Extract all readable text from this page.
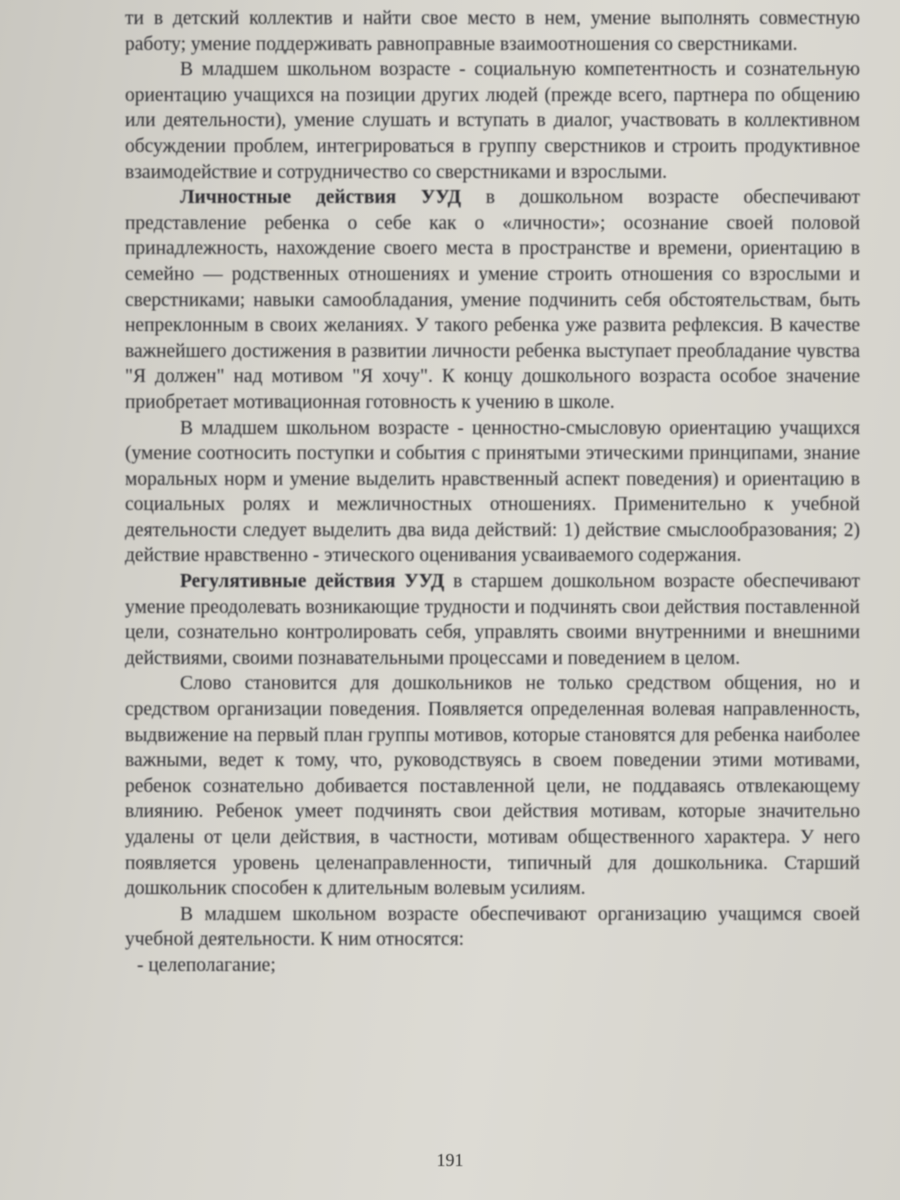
ти в детский коллектив и найти свое место в нем, умение выполнять совместную работу; умение поддерживать равноправные взаимоотношения со сверстниками.

В младшем школьном возрасте - социальную компетентность и сознательную ориентацию учащихся на позиции других людей (прежде всего, партнера по общению или деятельности), умение слушать и вступать в диалог, участвовать в коллективном обсуждении проблем, интегрироваться в группу сверстников и строить продуктивное взаимодействие и сотрудничество со сверстниками и взрослыми.

Личностные действия УУД в дошкольном возрасте обеспечивают представление ребенка о себе как о «личности»; осознание своей половой принадлежность, нахождение своего места в пространстве и времени, ориентацию в семейно — родственных отношениях и умение строить отношения со взрослыми и сверстниками; навыки самообладания, умение подчинить себя обстоятельствам, быть непреклонным в своих желаниях. У такого ребенка уже развита рефлексия. В качестве важнейшего достижения в развитии личности ребенка выступает преобладание чувства "Я должен" над мотивом "Я хочу". К концу дошкольного возраста особое значение приобретает мотивационная готовность к учению в школе.

В младшем школьном возрасте - ценностно-смысловую ориентацию учащихся (умение соотносить поступки и события с принятыми этическими принципами, знание моральных норм и умение выделить нравственный аспект поведения) и ориентацию в социальных ролях и межличностных отношениях. Применительно к учебной деятельности следует выделить два вида действий: 1) действие смыслообразования; 2) действие нравственно - этического оценивания усваиваемого содержания.

Регулятивные действия УУД в старшем дошкольном возрасте обеспечивают умение преодолевать возникающие трудности и подчинять свои действия поставленной цели, сознательно контролировать себя, управлять своими внутренними и внешними действиями, своими познавательными процессами и поведением в целом.

Слово становится для дошкольников не только средством общения, но и средством организации поведения. Появляется определенная волевая направленность, выдвижение на первый план группы мотивов, которые становятся для ребенка наиболее важными, ведет к тому, что, руководствуясь в своем поведении этими мотивами, ребенок сознательно добивается поставленной цели, не поддаваясь отвлекающему влиянию. Ребенок умеет подчинять свои действия мотивам, которые значительно удалены от цели действия, в частности, мотивам общественного характера. У него появляется уровень целенаправленности, типичный для дошкольника. Старший дошкольник способен к длительным волевым усилиям.

В младшем школьном возрасте обеспечивают организацию учащимся своей учебной деятельности. К ним относятся:

- целеполагание;

191
